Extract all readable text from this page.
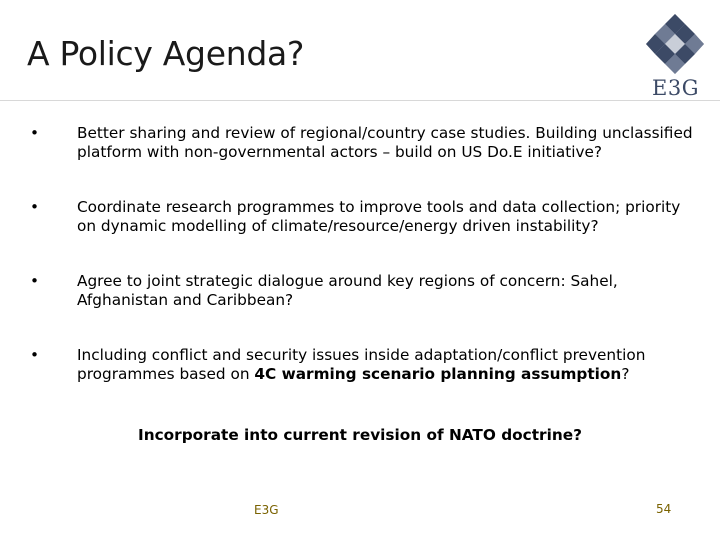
A Policy Agenda?
E3G
• Better sharing and review of regional/country case studies. Building unclassified platform with non-governmental actors – build on US Do.E initiative?
• Coordinate research programmes to improve tools and data collection; priority on dynamic modelling of climate/resource/energy driven instability?
• Agree to joint strategic dialogue around key regions of concern: Sahel, Afghanistan and Caribbean?
• Including conflict and security issues inside adaptation/conflict prevention programmes based on 4C warming scenario planning assumption?
Incorporate into current revision of NATO doctrine?
E3G	54
